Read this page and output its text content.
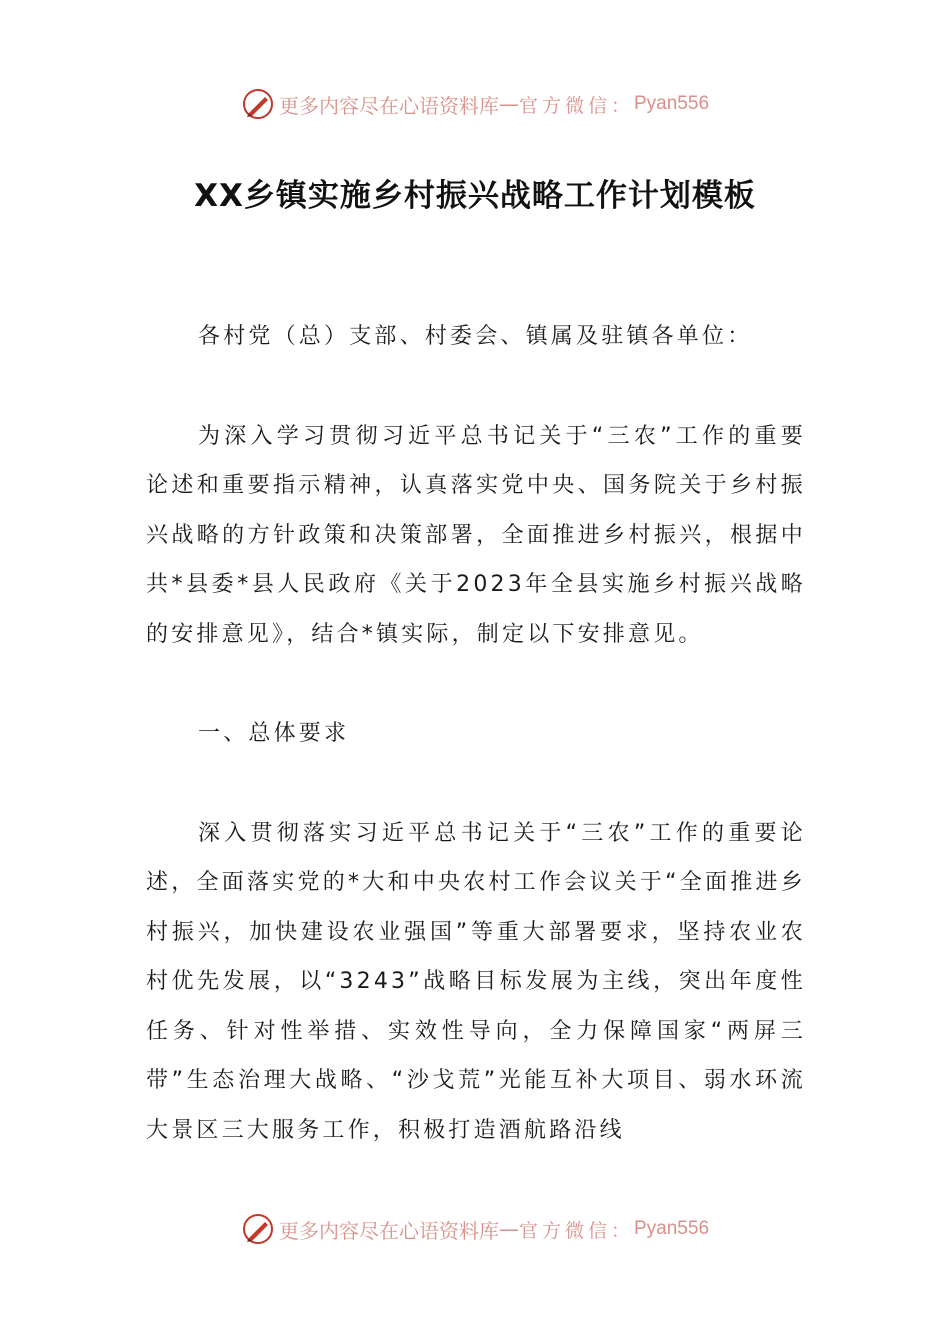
更多内容尽在心语资料库 — 官方微信： Pyan556
XX乡镇实施乡村振兴战略工作计划模板

各村党（总）支部、村委会、镇属及驻镇各单位：

为深入学习贯彻习近平总书记关于“三农”工作的重要论述和重要指示精神，认真落实党中央、国务院关于乡村振兴战略的方针政策和决策部署，全面推进乡村振兴，根据中共*县委*县人民政府《关于2023年全县实施乡村振兴战略的安排意见》，结合*镇实际，制定以下安排意见。

一、总体要求

深入贯彻落实习近平总书记关于“三农”工作的重要论述，全面落实党的*大和中央农村工作会议关于“全面推进乡村振兴，加快建设农业强国”等重大部署要求，坚持农业农村优先发展，以“3243”战略目标发展为主线，突出年度性任务、针对性举措、实效性导向，全力保障国家“两屏三带”生态治理大战略、“沙戈荒”光能互补大项目、弱水环流大景区三大服务工作，积极打造酒航路沿线

更多内容尽在心语资料库 — 官方微信： Pyan556
